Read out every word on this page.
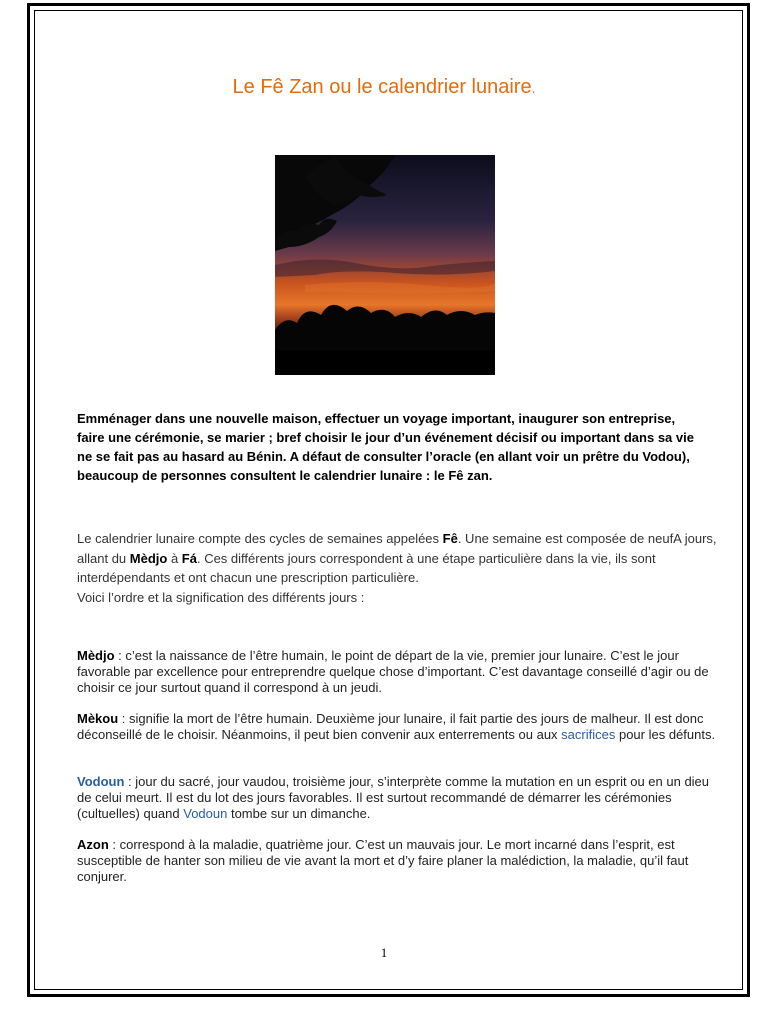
Le Fê Zan ou le calendrier lunaire.

Emménager dans une nouvelle maison, effectuer un voyage important, inaugurer son entreprise, faire une cérémonie, se marier ; bref choisir le jour d’un événement décisif ou important dans sa vie ne se fait pas au hasard au Bénin. A défaut de consulter l’oracle (en allant voir un prêtre du Vodou), beaucoup de personnes consultent le calendrier lunaire : le Fê zan.

Le calendrier lunaire compte des cycles de semaines appelées Fê. Une semaine est composée de neufA jours, allant du Mèdjo à Fá. Ces différents jours correspondent à une étape particulière dans la vie, ils sont interdépendants et ont chacun une prescription particulière.
Voici l’ordre et la signification des différents jours :

Mèdjo : c’est la naissance de l’être humain, le point de départ de la vie, premier jour lunaire. C’est le jour favorable par excellence pour entreprendre quelque chose d’important. C’est davantage conseillé d’agir ou de choisir ce jour surtout quand il correspond à un jeudi.

Mèkou : signifie la mort de l’être humain. Deuxième jour lunaire, il fait partie des jours de malheur. Il est donc déconseillé de le choisir. Néanmoins, il peut bien convenir aux enterrements ou aux sacrifices pour les défunts.

Vodoun : jour du sacré, jour vaudou, troisième jour, s’interprète comme la mutation en un esprit ou en un dieu de celui meurt. Il est du lot des jours favorables. Il est surtout recommandé de démarrer les cérémonies (cultuelles) quand Vodoun tombe sur un dimanche.

Azon : correspond à la maladie, quatrième jour. C’est un mauvais jour. Le mort incarné dans l’esprit, est susceptible de hanter son milieu de vie avant la mort et d’y faire planer la malédiction, la maladie, qu’il faut conjurer.

1
